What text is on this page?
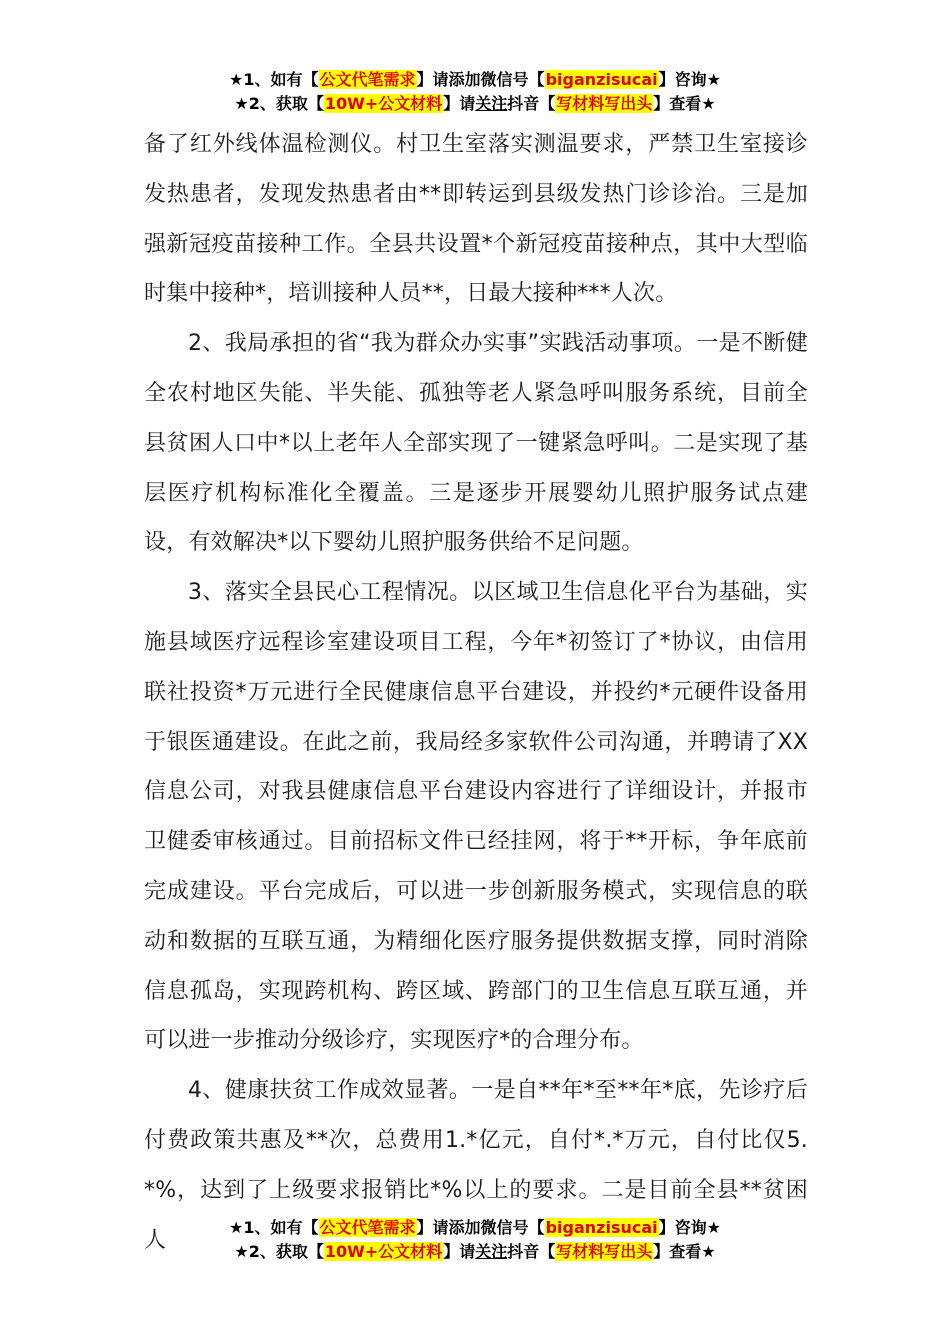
★1、如有【公文代笔需求】请添加微信号【biganzisucai】咨询★
★2、获取【10W+公文材料】请关注抖音【写材料写出头】查看★

备了红外线体温检测仪。村卫生室落实测温要求，严禁卫生室接诊发热患者，发现发热患者由**即转运到县级发热门诊诊治。三是加强新冠疫苗接种工作。全县共设置*个新冠疫苗接种点，其中大型临时集中接种*，培训接种人员**，日最大接种***人次。

2、我局承担的省“我为群众办实事”实践活动事项。一是不断健全农村地区失能、半失能、孤独等老人紧急呼叫服务系统，目前全县贫困人口中*以上老年人全部实现了一键紧急呼叫。二是实现了基层医疗机构标准化全覆盖。三是逐步开展婴幼儿照护服务试点建设，有效解决*以下婴幼儿照护服务供给不足问题。

3、落实全县民心工程情况。以区域卫生信息化平台为基础，实施县域医疗远程诊室建设项目工程，今年*初签订了*协议，由信用联社投资*万元进行全民健康信息平台建设，并投约*元硬件设备用于银医通建设。在此之前，我局经多家软件公司沟通，并聘请了XX信息公司，对我县健康信息平台建设内容进行了详细设计，并报市卫健委审核通过。目前招标文件已经挂网，将于**开标，争年底前完成建设。平台完成后，可以进一步创新服务模式，实现信息的联动和数据的互联互通，为精细化医疗服务提供数据支撑，同时消除信息孤岛，实现跨机构、跨区域、跨部门的卫生信息互联互通，并可以进一步推动分级诊疗，实现医疗*的合理分布。

4、健康扶贫工作成效显著。一是自**年*至**年*底，先诊疗后付费政策共惠及**次，总费用1.*亿元，自付*.*万元，自付比仅5.*%，达到了上级要求报销比*%以上的要求。二是目前全县**贫困人

★1、如有【公文代笔需求】请添加微信号【biganzisucai】咨询★
★2、获取【10W+公文材料】请关注抖音【写材料写出头】查看★
